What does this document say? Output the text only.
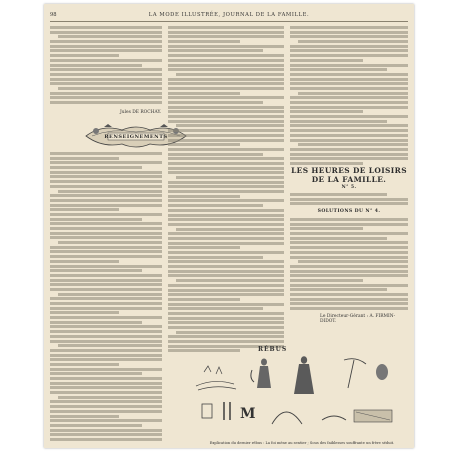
98	LA MODE ILLUSTRÉE, JOURNAL DE LA FAMILLE.
Jules DE ROCHAY.
RENSEIGNEMENTS
LES HEURES DE LOISIRS
DE LA FAMILLE.
N° 5.
SOLUTIONS DU N° 4.
Le Directeur-Gérant : A. FIRMIN-DIDOT.
RÉBUS
M
Explication du dernier rébus : La foi mène au sentier ; Sous des faiblesses souffrante un frère séduit.
